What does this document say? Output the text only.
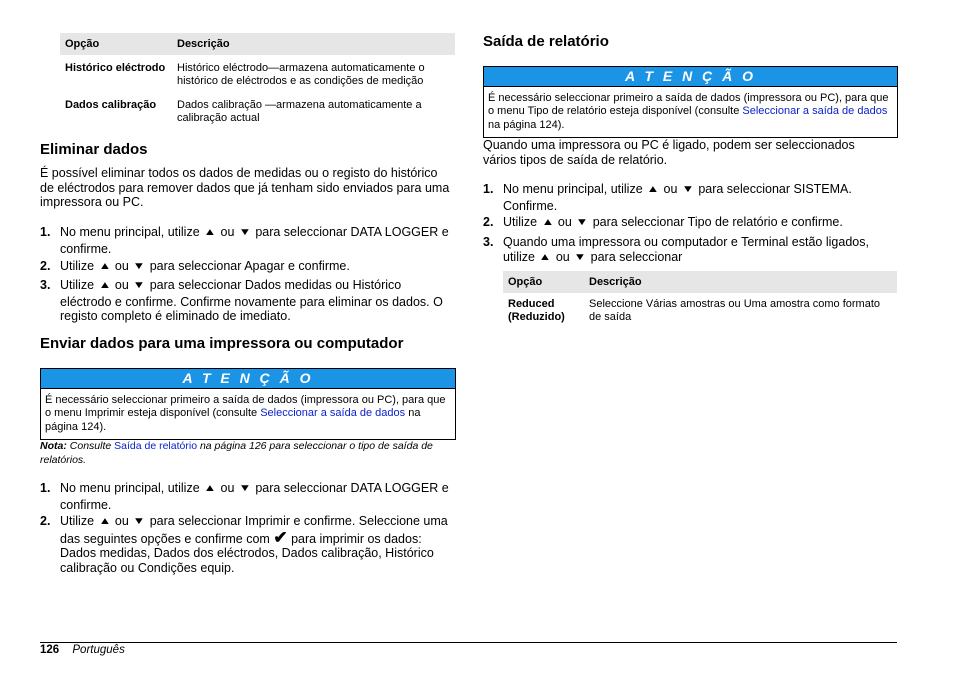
Opção	Descrição
Histórico eléctrodo	Histórico eléctrodo—armazena automaticamente o histórico de eléctrodos e as condições de medição
Dados calibração	Dados calibração —armazena automaticamente a calibração actual
Eliminar dados
É possível eliminar todos os dados de medidas ou o registo do histórico de eléctrodos para remover dados que já tenham sido enviados para uma impressora ou PC.
1. No menu principal, utilize ▲ ou ▼ para seleccionar DATA LOGGER e confirme.
2. Utilize ▲ ou ▼ para seleccionar Apagar e confirme.
3. Utilize ▲ ou ▼ para seleccionar Dados medidas ou Histórico eléctrodo e confirme. Confirme novamente para eliminar os dados. O registo completo é eliminado de imediato.
Enviar dados para uma impressora ou computador
A T E N Ç Ã O
É necessário seleccionar primeiro a saída de dados (impressora ou PC), para que o menu Imprimir esteja disponível (consulte Seleccionar a saída de dados na página 124).
Nota: Consulte Saída de relatório na página 126 para seleccionar o tipo de saída de relatórios.
1. No menu principal, utilize ▲ ou ▼ para seleccionar DATA LOGGER e confirme.
2. Utilize ▲ ou ▼ para seleccionar Imprimir e confirme. Seleccione uma das seguintes opções e confirme com ✔ para imprimir os dados: Dados medidas, Dados dos eléctrodos, Dados calibração, Histórico calibração ou Condições equip.
Saída de relatório
A T E N Ç Ã O
É necessário seleccionar primeiro a saída de dados (impressora ou PC), para que o menu Tipo de relatório esteja disponível (consulte Seleccionar a saída de dados na página 124).
Quando uma impressora ou PC é ligado, podem ser seleccionados vários tipos de saída de relatório.
1. No menu principal, utilize ▲ ou ▼ para seleccionar SISTEMA. Confirme.
2. Utilize ▲ ou ▼ para seleccionar Tipo de relatório e confirme.
3. Quando uma impressora ou computador e Terminal estão ligados, utilize ▲ ou ▼ para seleccionar
Opção	Descrição
Reduced (Reduzido)	Seleccione Várias amostras ou Uma amostra como formato de saída
126 Português
